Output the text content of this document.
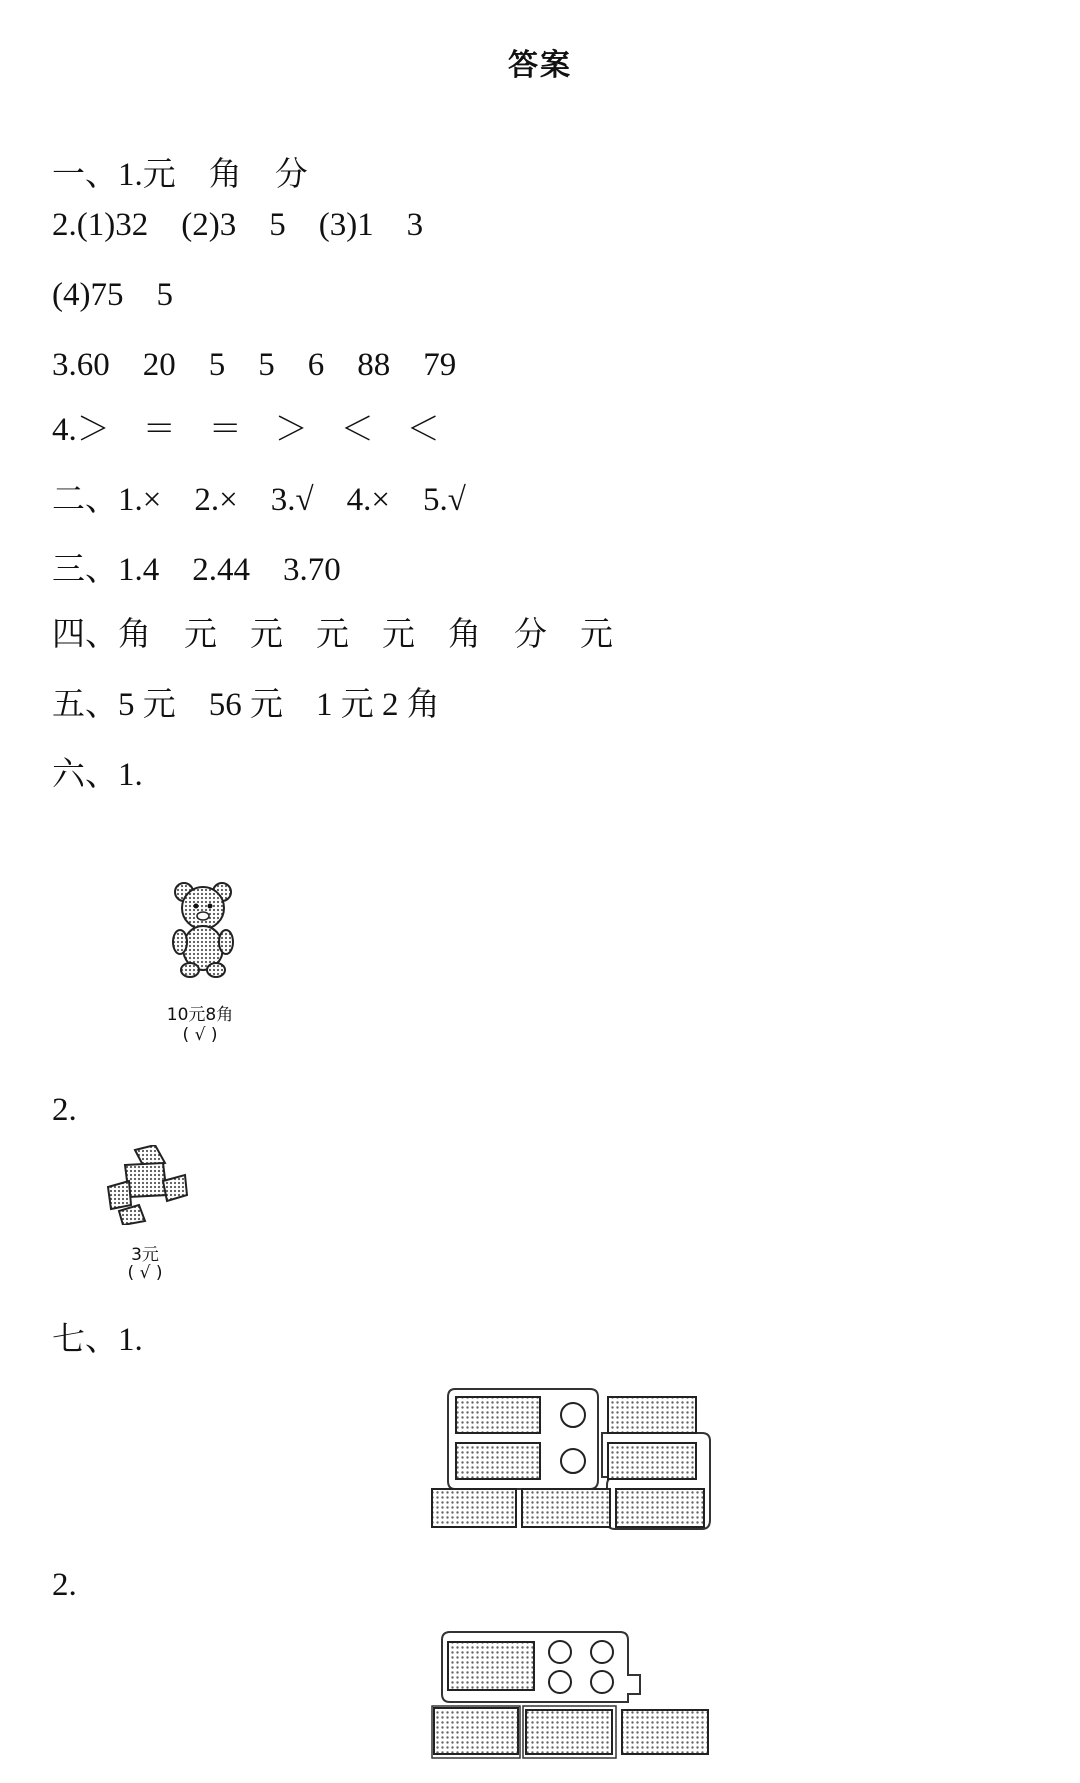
答案
一、1.元　角　分
2.(1)32　(2)3　5　(3)1　3
(4)75　5
3.60　20　5　5　6　88　79
4.＞　＝　＝　＞　＜　＜
二、1.×　2.×　3.√　4.×　5.√
三、1.4　2.44　3.70
四、角　元　元　元　元　角　分　元
五、5 元　56 元　1 元 2 角
六、1.
10元8角
( √ )
2.
3元
( √ )
七、1.
2.
